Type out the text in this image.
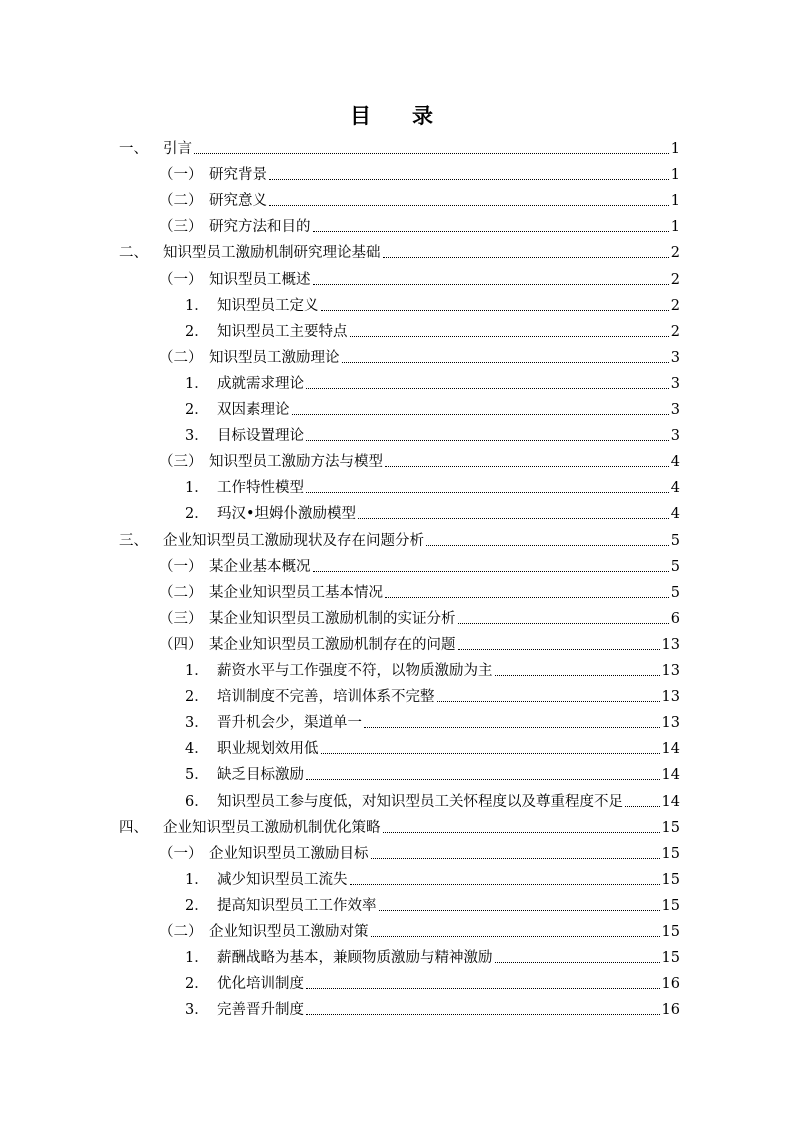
目　录
一、	引言	1
（一） 研究背景	1
（二） 研究意义	1
（三） 研究方法和目的	1
二、	知识型员工激励机制研究理论基础	2
（一） 知识型员工概述	2
1． 知识型员工定义	2
2． 知识型员工主要特点	2
（二） 知识型员工激励理论	3
1． 成就需求理论	3
2． 双因素理论	3
3． 目标设置理论	3
（三） 知识型员工激励方法与模型	4
1． 工作特性模型	4
2． 玛汉•坦姆仆激励模型	4
三、	企业知识型员工激励现状及存在问题分析	5
（一） 某企业基本概况	5
（二） 某企业知识型员工基本情况	5
（三） 某企业知识型员工激励机制的实证分析	6
（四） 某企业知识型员工激励机制存在的问题	13
1． 薪资水平与工作强度不符，以物质激励为主	13
2． 培训制度不完善，培训体系不完整	13
3． 晋升机会少，渠道单一	13
4． 职业规划效用低	14
5． 缺乏目标激励	14
6． 知识型员工参与度低，对知识型员工关怀程度以及尊重程度不足	14
四、	企业知识型员工激励机制优化策略	15
（一） 企业知识型员工激励目标	15
1． 减少知识型员工流失	15
2． 提高知识型员工工作效率	15
（二） 企业知识型员工激励对策	15
1． 薪酬战略为基本，兼顾物质激励与精神激励	15
2． 优化培训制度	16
3． 完善晋升制度	16
